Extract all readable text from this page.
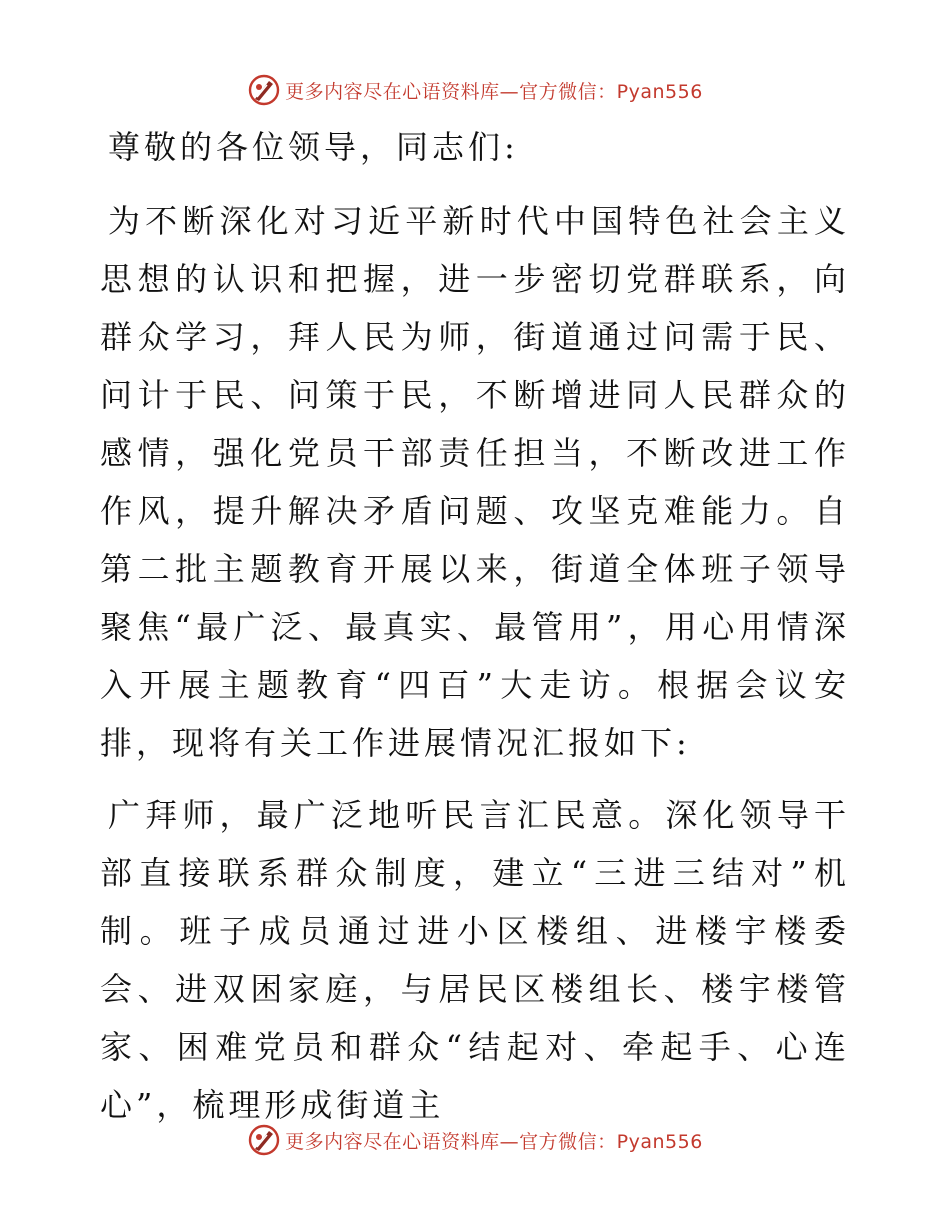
更多内容尽在心语资料库—官方微信：Pyan556

尊敬的各位领导，同志们:

为不断深化对习近平新时代中国特色社会主义思想的认识和把握，进一步密切党群联系，向群众学习，拜人民为师，街道通过问需于民、问计于民、问策于民，不断增进同人民群众的感情，强化党员干部责任担当，不断改进工作作风，提升解决矛盾问题、攻坚克难能力。自第二批主题教育开展以来，街道全体班子领导聚焦“最广泛、最真实、最管用”，用心用情深入开展主题教育“四百”大走访。根据会议安排，现将有关工作进展情况汇报如下:

广拜师，最广泛地听民言汇民意。深化领导干部直接联系群众制度，建立“三进三结对”机制。班子成员通过进小区楼组、进楼宇楼委会、进双困家庭，与居民区楼组长、楼宇楼管家、困难党员和群众“结起对、牵起手、心连心”，梳理形成街道主

更多内容尽在心语资料库—官方微信：Pyan556
